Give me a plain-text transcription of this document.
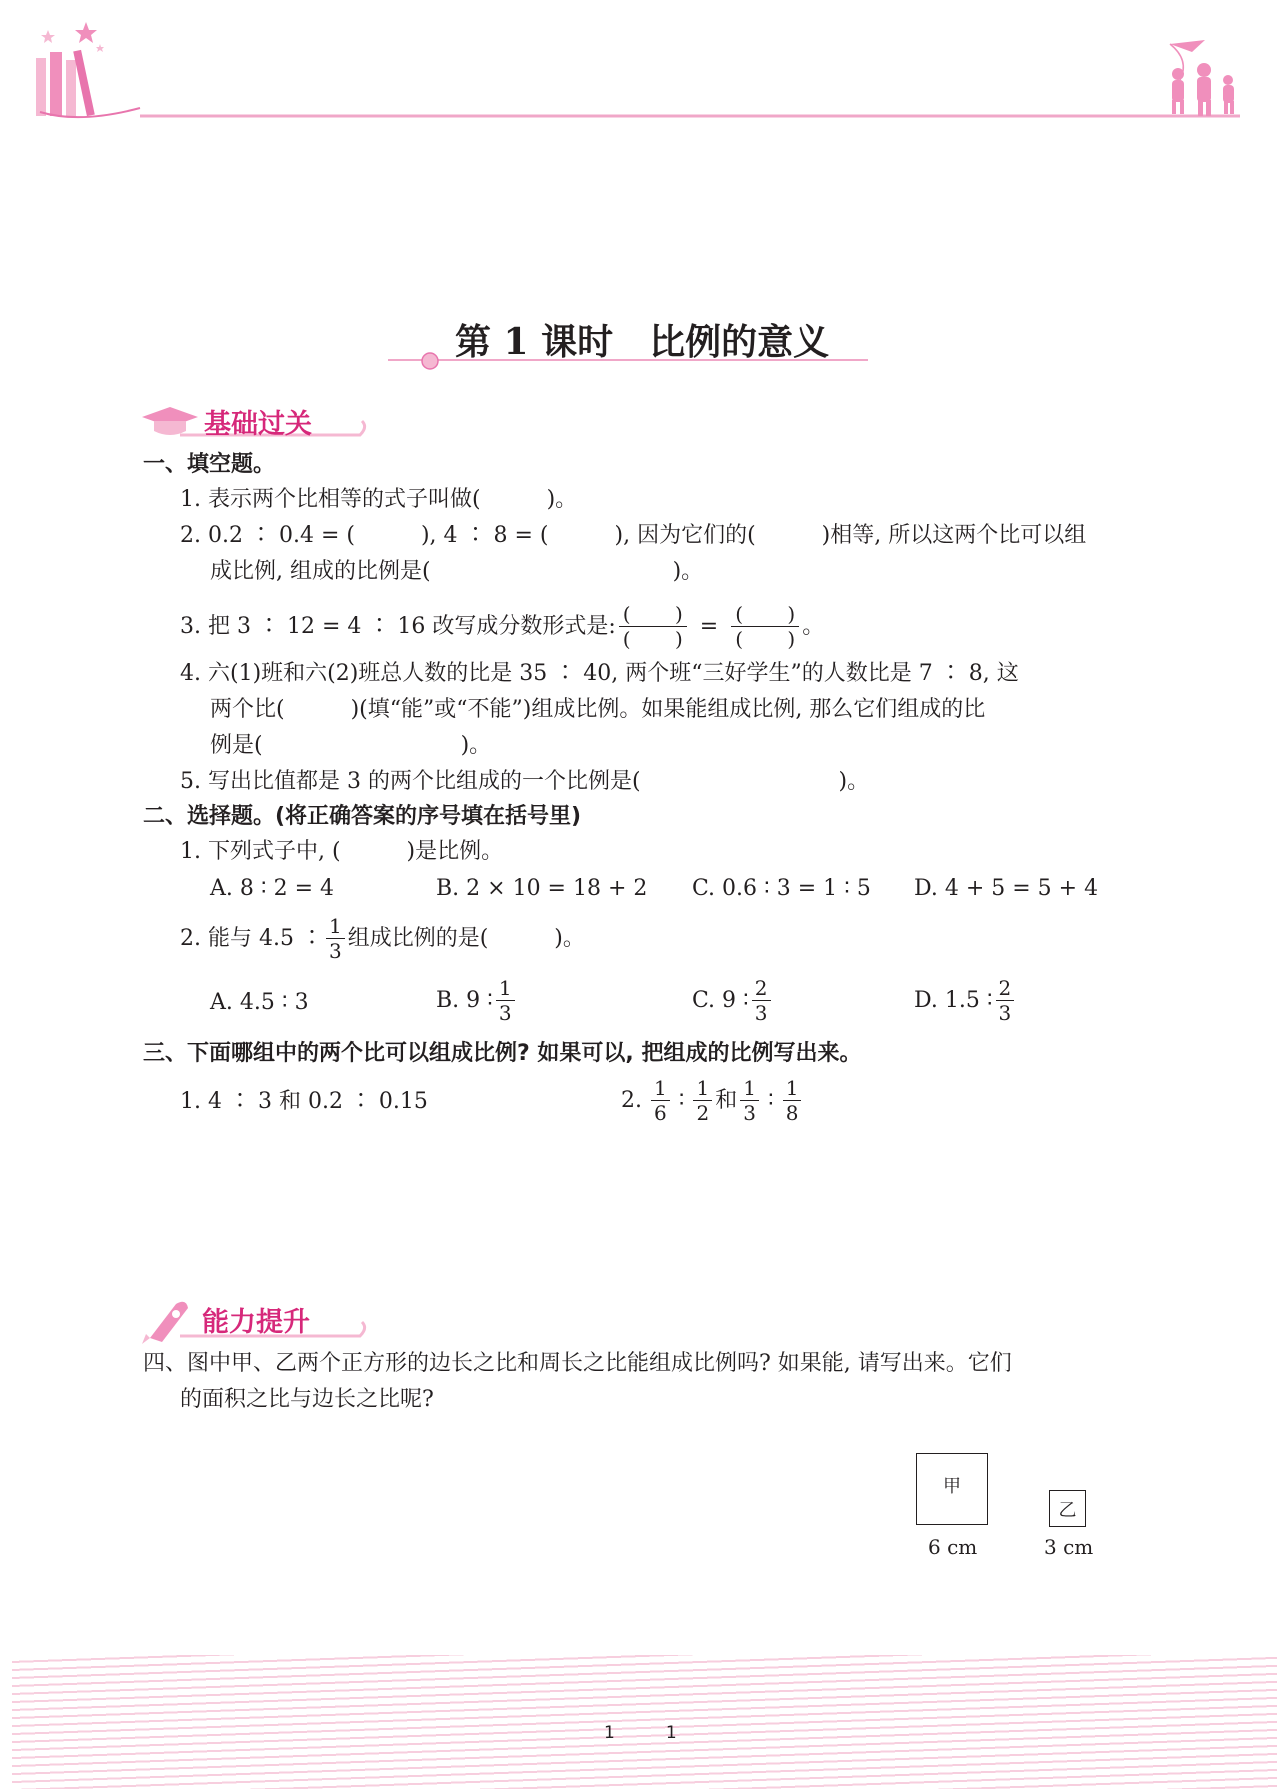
第 1 课时　比例的意义
基础过关
一、填空题。
1. 表示两个比相等的式子叫做(　　　)。
2. 0.2 ∶ 0.4 = (　　　), 4 ∶ 8 = (　　　), 因为它们的(　　　)相等, 所以这两个比可以组
成比例, 组成的比例是(　　　　　　　　　　　)。
3. 把 3 ∶ 12 = 4 ∶ 16 改写成分数形式是: $\frac{( )}{( )} = \frac{( )}{( )}$ 。
4. 六(1)班和六(2)班总人数的比是 35 ∶ 40, 两个班“三好学生”的人数比是 7 ∶ 8, 这
两个比(　　　)(填“能”或“不能”)组成比例。如果能组成比例, 那么它们组成的比
例是(　　　　　　　　　)。
5. 写出比值都是 3 的两个比组成的一个比例是(　　　　　　　　　)。
二、选择题。(将正确答案的序号填在括号里)
1. 下列式子中, (　　　)是比例。
A. 8 ∶ 2 = 4	B. 2 × 10 = 18 + 2 C. 0.6 ∶ 3 = 1 ∶ 5 D. 4 + 5 = 5 + 4
2. 能与 4.5 ∶ $\frac{1}{3}$ 组成比例的是(　　　)。
A. 4.5 ∶ 3	B. 9 ∶ $\frac{1}{3}$	C. 9 ∶ $\frac{2}{3}$	D. 1.5 ∶ $\frac{2}{3}$
三、下面哪组中的两个比可以组成比例? 如果可以, 把组成的比例写出来。
1. 4 ∶ 3 和 0.2 ∶ 0.15	2. $\frac{1}{6}$ ∶ $\frac{1}{2}$ 和 $\frac{1}{3}$ ∶ $\frac{1}{8}$
能力提升
四、图中甲、乙两个正方形的边长之比和周长之比能组成比例吗? 如果能, 请写出来。它们
的面积之比与边长之比呢?
甲
6 cm
乙
3 cm
1　　　1
